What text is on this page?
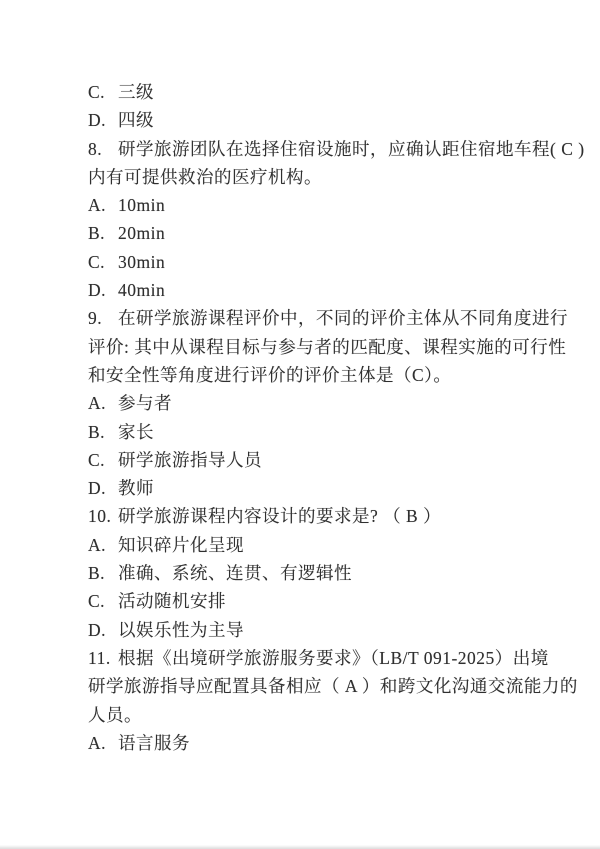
C. 三级
D. 四级
8. 研学旅游团队在选择住宿设施时，应确认距住宿地车程( C )
内有可提供救治的医疗机构。
A. 10min
B. 20min
C. 30min
D. 40min
9. 在研学旅游课程评价中，不同的评价主体从不同角度进行
评价: 其中从课程目标与参与者的匹配度、课程实施的可行性
和安全性等角度进行评价的评价主体是（C）。
A. 参与者
B. 家长
C. 研学旅游指导人员
D. 教师
10. 研学旅游课程内容设计的要求是? （ B ）
A. 知识碎片化呈现
B. 准确、系统、连贯、有逻辑性
C. 活动随机安排
D. 以娱乐性为主导
11. 根据《出境研学旅游服务要求》（LB/T 091-2025）出境
研学旅游指导应配置具备相应（ A ）和跨文化沟通交流能力的
人员。
A. 语言服务
